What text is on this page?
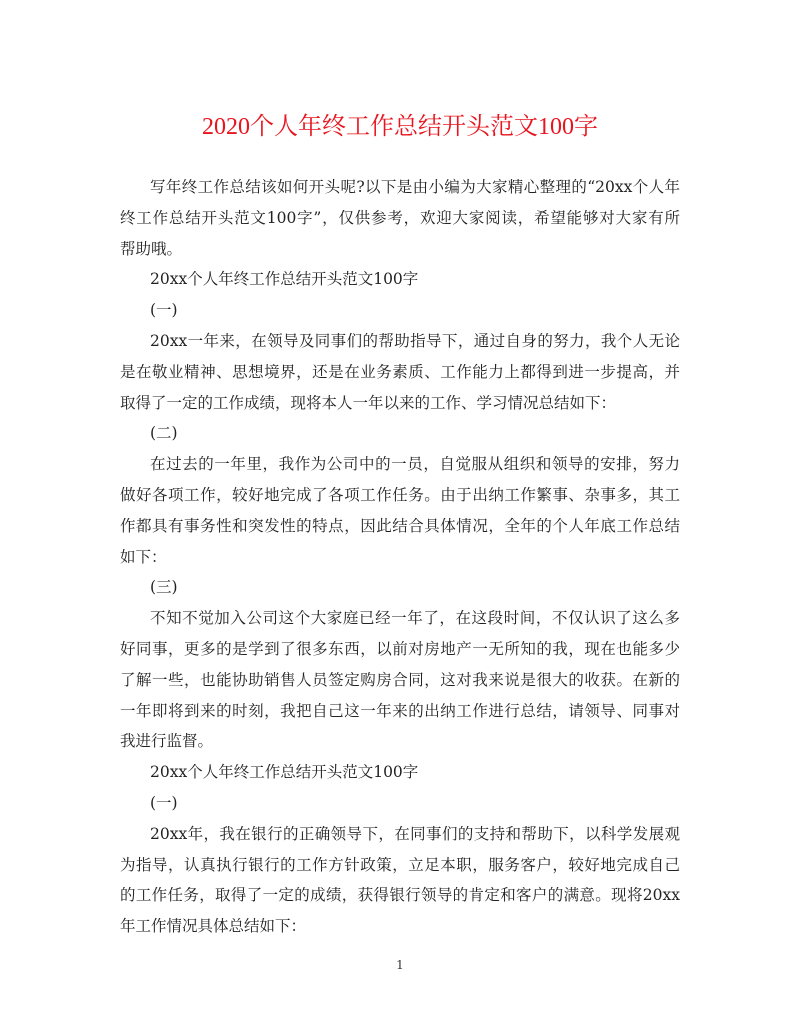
2020个人年终工作总结开头范文100字
写年终工作总结该如何开头呢?以下是由小编为大家精心整理的“20xx个人年
终工作总结开头范文100字”，仅供参考，欢迎大家阅读，希望能够对大家有所
帮助哦。
20xx个人年终工作总结开头范文100字
(一)
20xx一年来，在领导及同事们的帮助指导下，通过自身的努力，我个人无论
是在敬业精神、思想境界，还是在业务素质、工作能力上都得到进一步提高，并
取得了一定的工作成绩，现将本人一年以来的工作、学习情况总结如下：
(二)
在过去的一年里，我作为公司中的一员，自觉服从组织和领导的安排，努力
做好各项工作，较好地完成了各项工作任务。由于出纳工作繁事、杂事多，其工
作都具有事务性和突发性的特点，因此结合具体情况，全年的个人年底工作总结
如下：
(三)
不知不觉加入公司这个大家庭已经一年了，在这段时间，不仅认识了这么多
好同事，更多的是学到了很多东西，以前对房地产一无所知的我，现在也能多少
了解一些，也能协助销售人员签定购房合同，这对我来说是很大的收获。在新的
一年即将到来的时刻，我把自己这一年来的出纳工作进行总结，请领导、同事对
我进行监督。
20xx个人年终工作总结开头范文100字
(一)
20xx年，我在银行的正确领导下，在同事们的支持和帮助下，以科学发展观
为指导，认真执行银行的工作方针政策，立足本职，服务客户，较好地完成自己
的工作任务，取得了一定的成绩，获得银行领导的肯定和客户的满意。现将20xx
年工作情况具体总结如下：
1
